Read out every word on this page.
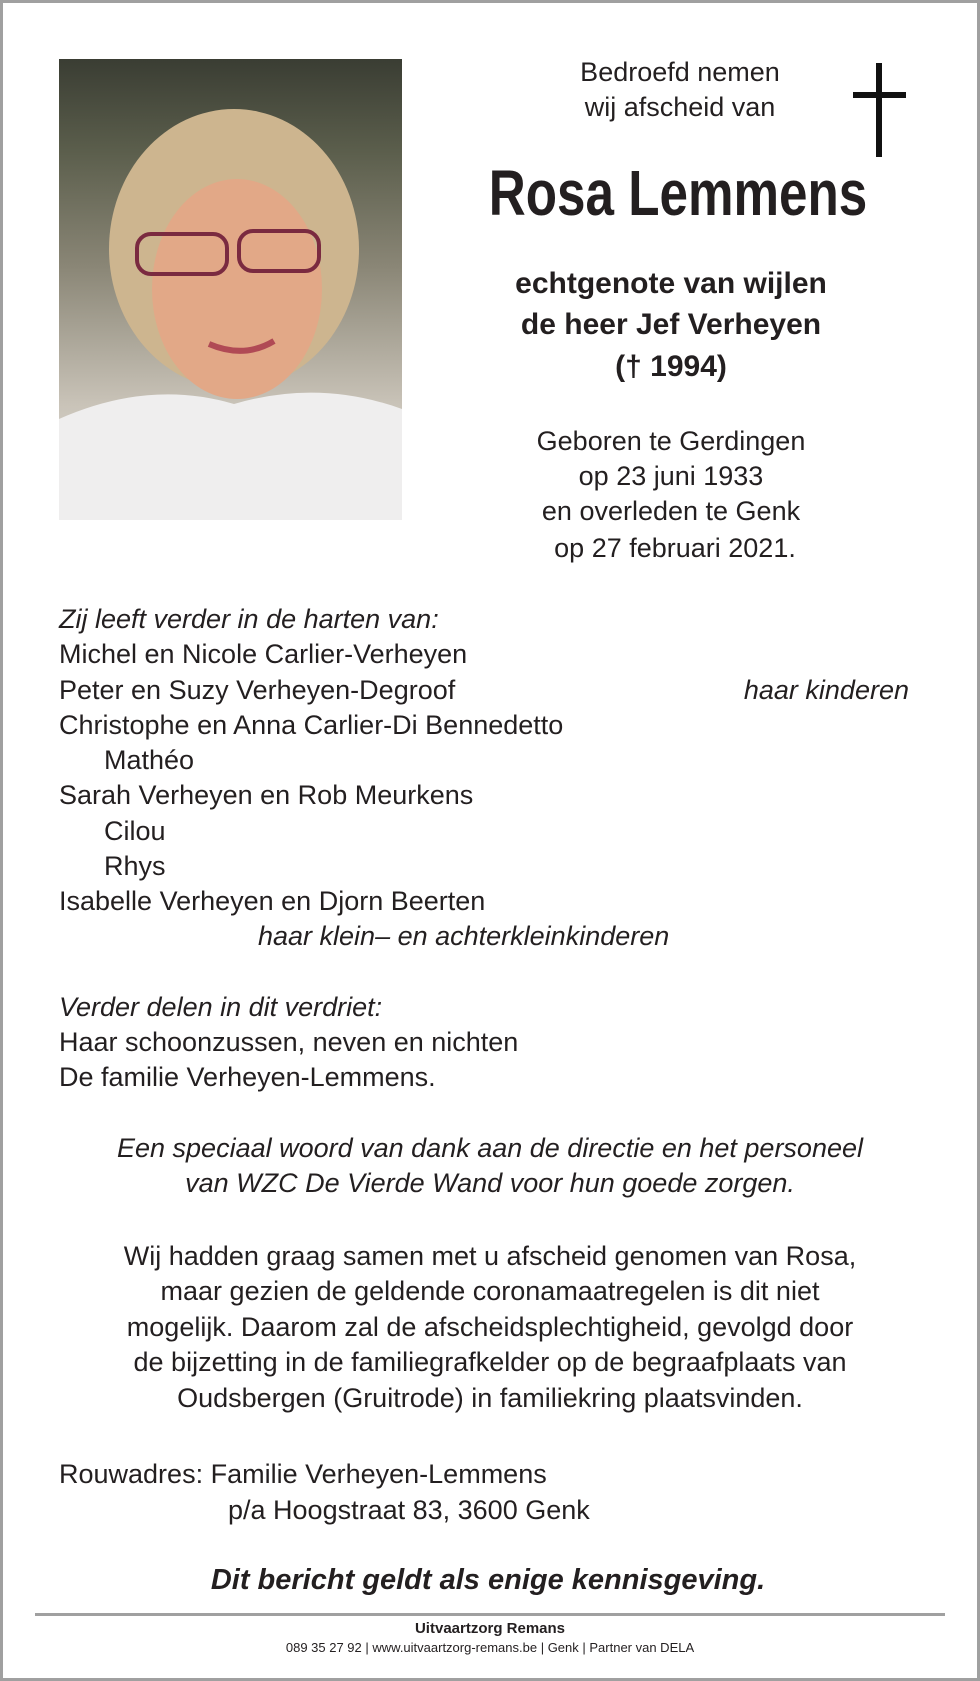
Bedroefd nemen
wij afscheid van
Rosa Lemmens
echtgenote van wijlen
de heer Jef Verheyen
(† 1994)
Geboren te Gerdingen
op 23 juni 1933
en overleden te Genk
op 27 februari 2021.
Zij leeft verder in de harten van:
Michel en Nicole Carlier-Verheyen
Peter en Suzy Verheyen-Degroof	haar kinderen
Christophe en Anna Carlier-Di Bennedetto
Mathéo
Sarah Verheyen en Rob Meurkens
Cilou
Rhys
Isabelle Verheyen en Djorn Beerten
haar klein– en achterkleinkinderen
Verder delen in dit verdriet:
Haar schoonzussen, neven en nichten
De familie Verheyen-Lemmens.
Een speciaal woord van dank aan de directie en het personeel
van WZC De Vierde Wand voor hun goede zorgen.
Wij hadden graag samen met u afscheid genomen van Rosa,
maar gezien de geldende coronamaatregelen is dit niet
mogelijk. Daarom zal de afscheidsplechtigheid, gevolgd door
de bijzetting in de familiegrafkelder op de begraafplaats van
Oudsbergen (Gruitrode) in familiekring plaatsvinden.
Rouwadres: Familie Verheyen-Lemmens
p/a Hoogstraat 83, 3600 Genk
Dit bericht geldt als enige kennisgeving.
Uitvaartzorg Remans
089 35 27 92 | www.uitvaartzorg-remans.be | Genk | Partner van DELA
